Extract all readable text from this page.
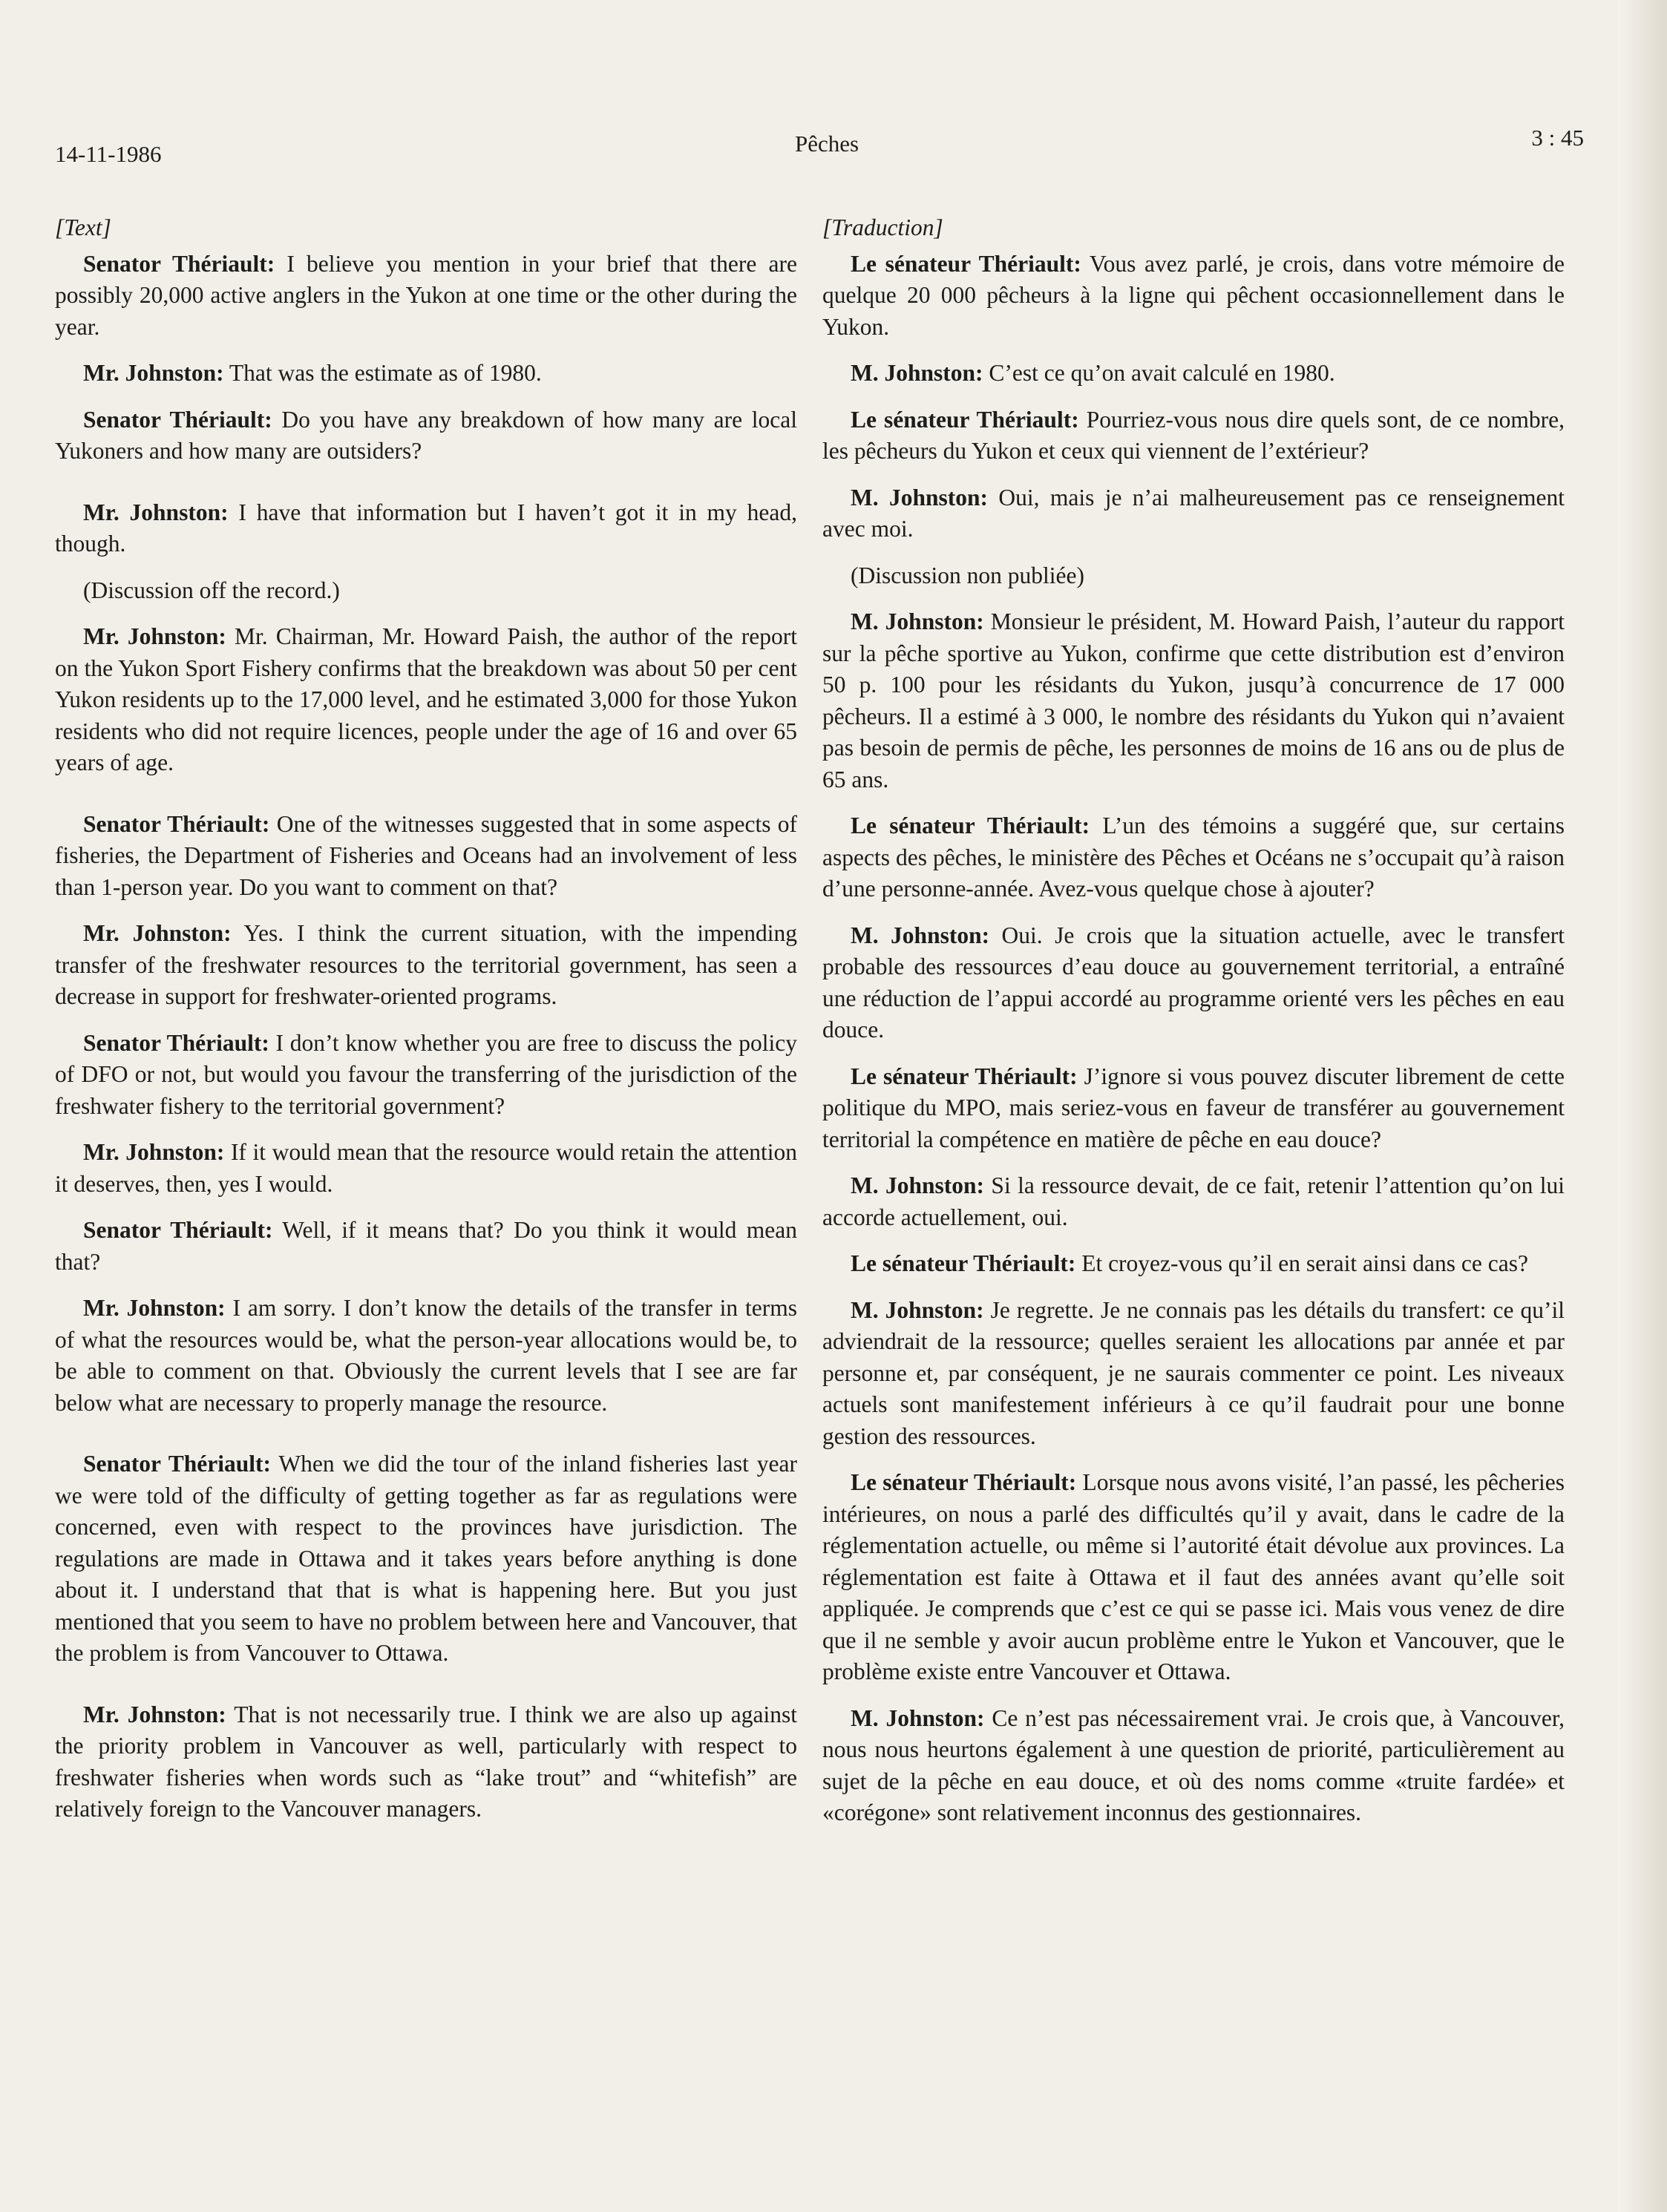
14-11-1986	Pêches	3 : 45
[Text]

Senator Thériault: I believe you mention in your brief that there are possibly 20,000 active anglers in the Yukon at one time or the other during the year.

Mr. Johnston: That was the estimate as of 1980.

Senator Thériault: Do you have any breakdown of how many are local Yukoners and how many are outsiders?

Mr. Johnston: I have that information but I haven’t got it in my head, though.

(Discussion off the record.)

Mr. Johnston: Mr. Chairman, Mr. Howard Paish, the author of the report on the Yukon Sport Fishery confirms that the breakdown was about 50 per cent Yukon residents up to the 17,000 level, and he estimated 3,000 for those Yukon residents who did not require licences, people under the age of 16 and over 65 years of age.

Senator Thériault: One of the witnesses suggested that in some aspects of fisheries, the Department of Fisheries and Oceans had an involvement of less than 1-person year. Do you want to comment on that?

Mr. Johnston: Yes. I think the current situation, with the impending transfer of the freshwater resources to the territorial government, has seen a decrease in support for freshwater-oriented programs.

Senator Thériault: I don’t know whether you are free to discuss the policy of DFO or not, but would you favour the transferring of the jurisdiction of the freshwater fishery to the territorial government?

Mr. Johnston: If it would mean that the resource would retain the attention it deserves, then, yes I would.

Senator Thériault: Well, if it means that? Do you think it would mean that?

Mr. Johnston: I am sorry. I don’t know the details of the transfer in terms of what the resources would be, what the person-year allocations would be, to be able to comment on that. Obviously the current levels that I see are far below what are necessary to properly manage the resource.

Senator Thériault: When we did the tour of the inland fisheries last year we were told of the difficulty of getting together as far as regulations were concerned, even with respect to the provinces have jurisdiction. The regulations are made in Ottawa and it takes years before anything is done about it. I understand that that is what is happening here. But you just mentioned that you seem to have no problem between here and Vancouver, that the problem is from Vancouver to Ottawa.

Mr. Johnston: That is not necessarily true. I think we are also up against the priority problem in Vancouver as well, particularly with respect to freshwater fisheries when words such as “lake trout” and “whitefish” are relatively foreign to the Vancouver managers.

[Traduction]

Le sénateur Thériault: Vous avez parlé, je crois, dans votre mémoire de quelque 20 000 pêcheurs à la ligne qui pêchent occasionnellement dans le Yukon.

M. Johnston: C’est ce qu’on avait calculé en 1980.

Le sénateur Thériault: Pourriez-vous nous dire quels sont, de ce nombre, les pêcheurs du Yukon et ceux qui viennent de l’extérieur?

M. Johnston: Oui, mais je n’ai malheureusement pas ce renseignement avec moi.

(Discussion non publiée)

M. Johnston: Monsieur le président, M. Howard Paish, l’auteur du rapport sur la pêche sportive au Yukon, confirme que cette distribution est d’environ 50 p. 100 pour les résidants du Yukon, jusqu’à concurrence de 17 000 pêcheurs. Il a estimé à 3 000, le nombre des résidants du Yukon qui n’avaient pas besoin de permis de pêche, les personnes de moins de 16 ans ou de plus de 65 ans.

Le sénateur Thériault: L’un des témoins a suggéré que, sur certains aspects des pêches, le ministère des Pêches et Océans ne s’occupait qu’à raison d’une personne-année. Avez-vous quelque chose à ajouter?

M. Johnston: Oui. Je crois que la situation actuelle, avec le transfert probable des ressources d’eau douce au gouvernement territorial, a entraîné une réduction de l’appui accordé au programme orienté vers les pêches en eau douce.

Le sénateur Thériault: J’ignore si vous pouvez discuter librement de cette politique du MPO, mais seriez-vous en faveur de transférer au gouvernement territorial la compétence en matière de pêche en eau douce?

M. Johnston: Si la ressource devait, de ce fait, retenir l’attention qu’on lui accorde actuellement, oui.

Le sénateur Thériault: Et croyez-vous qu’il en serait ainsi dans ce cas?

M. Johnston: Je regrette. Je ne connais pas les détails du transfert: ce qu’il adviendrait de la ressource; quelles seraient les allocations par année et par personne et, par conséquent, je ne saurais commenter ce point. Les niveaux actuels sont manifestement inférieurs à ce qu’il faudrait pour une bonne gestion des ressources.

Le sénateur Thériault: Lorsque nous avons visité, l’an passé, les pêcheries intérieures, on nous a parlé des difficultés qu’il y avait, dans le cadre de la réglementation actuelle, ou même si l’autorité était dévolue aux provinces. La réglementation est faite à Ottawa et il faut des années avant qu’elle soit appliquée. Je comprends que c’est ce qui se passe ici. Mais vous venez de dire que il ne semble y avoir aucun problème entre le Yukon et Vancouver, que le problème existe entre Vancouver et Ottawa.

M. Johnston: Ce n’est pas nécessairement vrai. Je crois que, à Vancouver, nous nous heurtons également à une question de priorité, particulièrement au sujet de la pêche en eau douce, et où des noms comme «truite fardée» et «corégone» sont relativement inconnus des gestionnaires.
